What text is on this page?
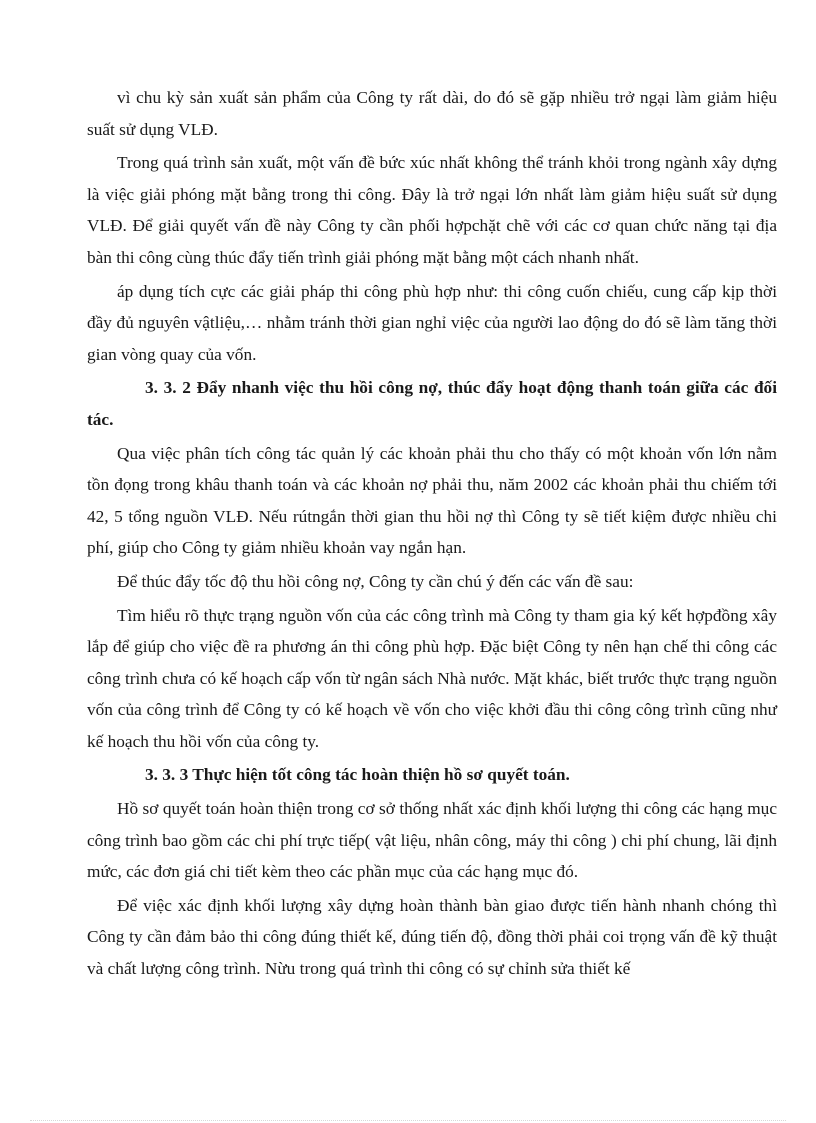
vì chu kỳ sản xuất sản phẩm của Công ty rất dài, do đó sẽ gặp nhiều trở ngại làm giảm hiệu suất sử dụng VLĐ.

Trong quá trình sản xuất, một vấn đề bức xúc nhất không thể tránh khỏi trong ngành xây dựng là việc giải phóng mặt bằng trong thi công. Đây là trở ngại lớn nhất làm giảm hiệu suất sử dụng VLĐ. Để giải quyết vấn đề này Công ty cần phối hợpchặt chẽ với các cơ quan chức năng tại địa bàn thi công cùng thúc đẩy tiến trình giải phóng mặt bằng một cách nhanh nhất.

áp dụng tích cực các giải pháp thi công phù hợp như: thi công cuốn chiếu, cung cấp kịp thời đầy đủ nguyên vậtliệu,… nhằm tránh thời gian nghỉ việc của người lao động do đó sẽ làm tăng thời gian vòng quay của vốn.

3. 3. 2 Đẩy nhanh việc thu hồi công nợ, thúc đẩy hoạt động thanh toán giữa các đối tác.

Qua việc phân tích công tác quản lý các khoản phải thu cho thấy có một khoản vốn lớn nằm tồn đọng trong khâu thanh toán và các khoản nợ phải thu, năm 2002 các khoản phải thu chiếm tới 42, 5 tổng nguồn VLĐ. Nếu rútngắn thời gian thu hồi nợ thì Công ty sẽ tiết kiệm được nhiều chi phí, giúp cho Công ty giảm nhiều khoản vay ngắn hạn.

Để thúc đẩy tốc độ thu hồi công nợ, Công ty cần chú ý đến các vấn đề sau:

Tìm hiểu rõ thực trạng nguồn vốn của các công trình mà Công ty tham gia ký kết hợpđồng xây lắp để giúp cho việc đề ra phương án thi công phù hợp. Đặc biệt Công ty nên hạn chế thi công các công trình chưa có kế hoạch cấp vốn từ ngân sách Nhà nước. Mặt khác, biết trước thực trạng nguồn vốn của công trình để Công ty có kế hoạch về vốn cho việc khởi đầu thi công công trình cũng như kế hoạch thu hồi vốn của công ty.

3. 3. 3 Thực hiện tốt công tác hoàn thiện hồ sơ quyết toán.

Hồ sơ quyết toán hoàn thiện trong cơ sở thống nhất xác định khối lượng thi công các hạng mục công trình bao gồm các chi phí trực tiếp( vật liệu, nhân công, máy thi công ) chi phí chung, lãi định mức, các đơn giá chi tiết kèm theo các phần mục của các hạng mục đó.

Để việc xác định khối lượng xây dựng hoàn thành bàn giao được tiến hành nhanh chóng thì Công ty cần đảm bảo thi công đúng thiết kế, đúng tiến độ, đồng thời phải coi trọng vấn đề kỹ thuật và chất lượng công trình. Nừu trong quá trình thi công có sự chỉnh sửa thiết kế
